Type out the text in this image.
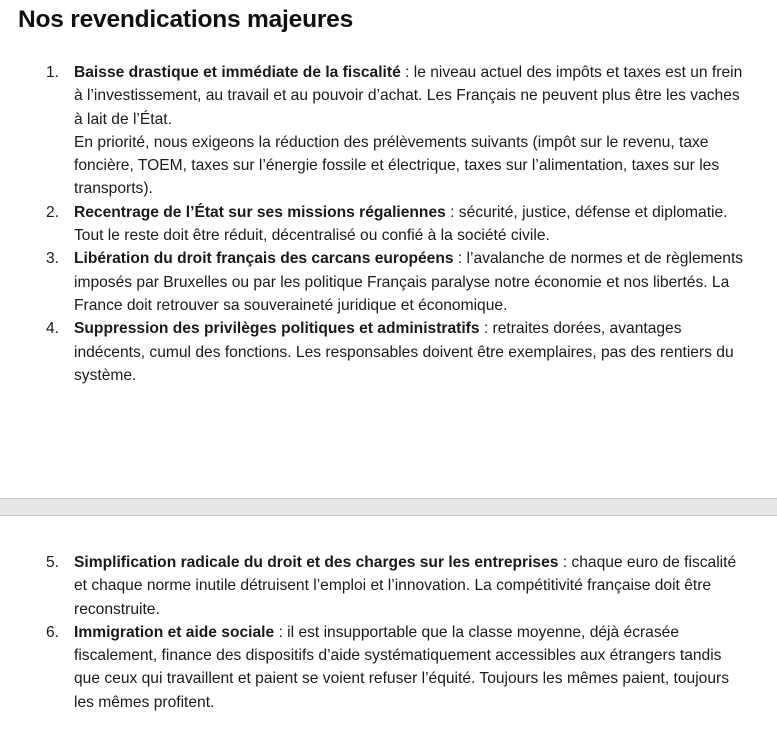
Nos revendications majeures
1. Baisse drastique et immédiate de la fiscalité : le niveau actuel des impôts et taxes est un frein à l’investissement, au travail et au pouvoir d’achat. Les Français ne peuvent plus être les vaches à lait de l’État.
En priorité, nous exigeons la réduction des prélèvements suivants (impôt sur le revenu, taxe foncière, TOEM, taxes sur l’énergie fossile et électrique, taxes sur l’alimentation, taxes sur les transports).
2. Recentrage de l’État sur ses missions régaliennes : sécurité, justice, défense et diplomatie. Tout le reste doit être réduit, décentralisé ou confié à la société civile.
3. Libération du droit français des carcans européens : l’avalanche de normes et de règlements imposés par Bruxelles ou par les politique Français paralyse notre économie et nos libertés. La France doit retrouver sa souveraineté juridique et économique.
4. Suppression des privilèges politiques et administratifs : retraites dorées, avantages indécents, cumul des fonctions. Les responsables doivent être exemplaires, pas des rentiers du système.
5. Simplification radicale du droit et des charges sur les entreprises : chaque euro de fiscalité et chaque norme inutile détruisent l’emploi et l’innovation. La compétitivité française doit être reconstruite.
6. Immigration et aide sociale : il est insupportable que la classe moyenne, déjà écrasée fiscalement, finance des dispositifs d’aide systématiquement accessibles aux étrangers tandis que ceux qui travaillent et paient se voient refuser l’équité. Toujours les mêmes paient, toujours les mêmes profitent.
